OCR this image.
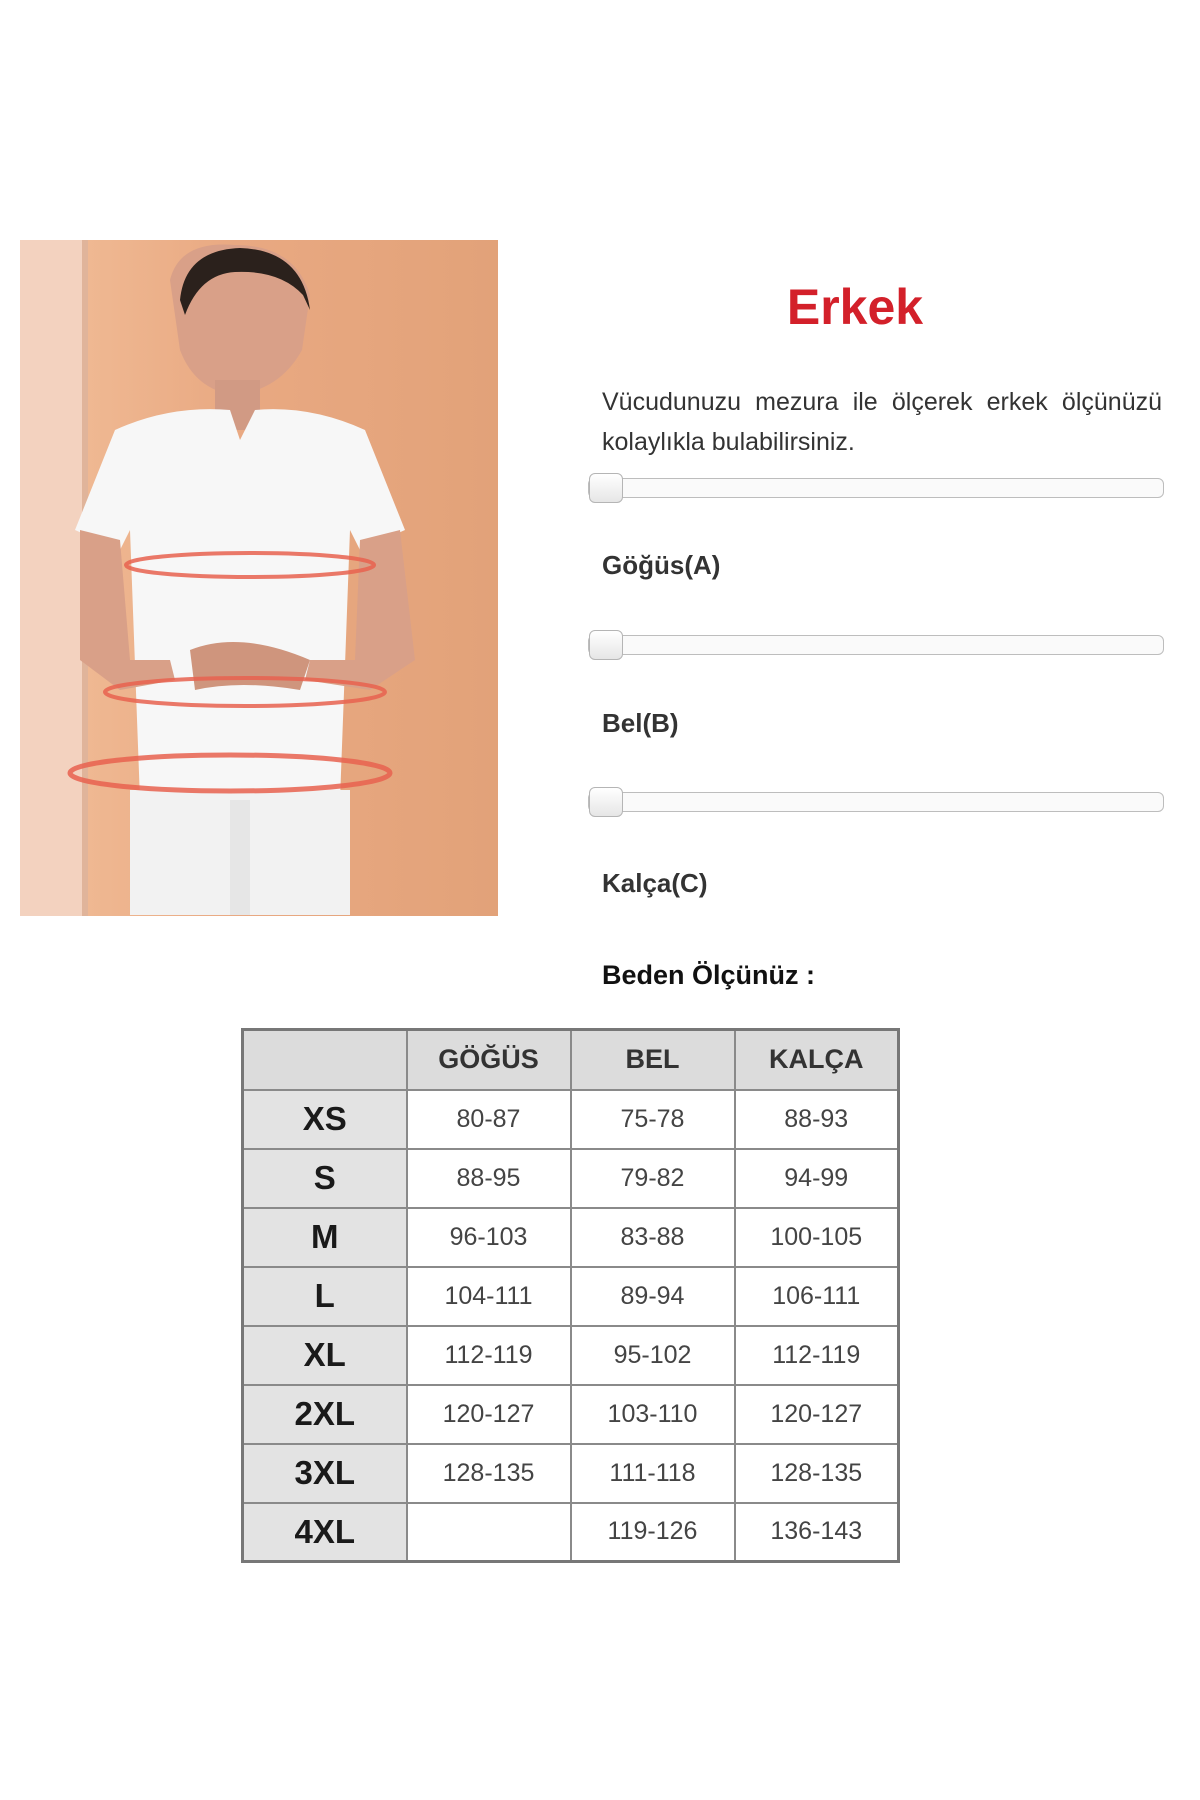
Erkek

Vücudunuzu mezura ile ölçerek erkek ölçünüzü kolaylıkla bulabilirsiniz.

Göğüs(A)
Bel(B)
Kalça(C)
Beden Ölçünüz :
	GÖĞÜS	BEL	KALÇA
XS	80-87	75-78	88-93
S	88-95	79-82	94-99
M	96-103	83-88	100-105
L	104-111	89-94	106-111
XL	112-119	95-102	112-119
2XL	120-127	103-110	120-127
3XL	128-135	111-118	128-135
4XL		119-126	136-143
